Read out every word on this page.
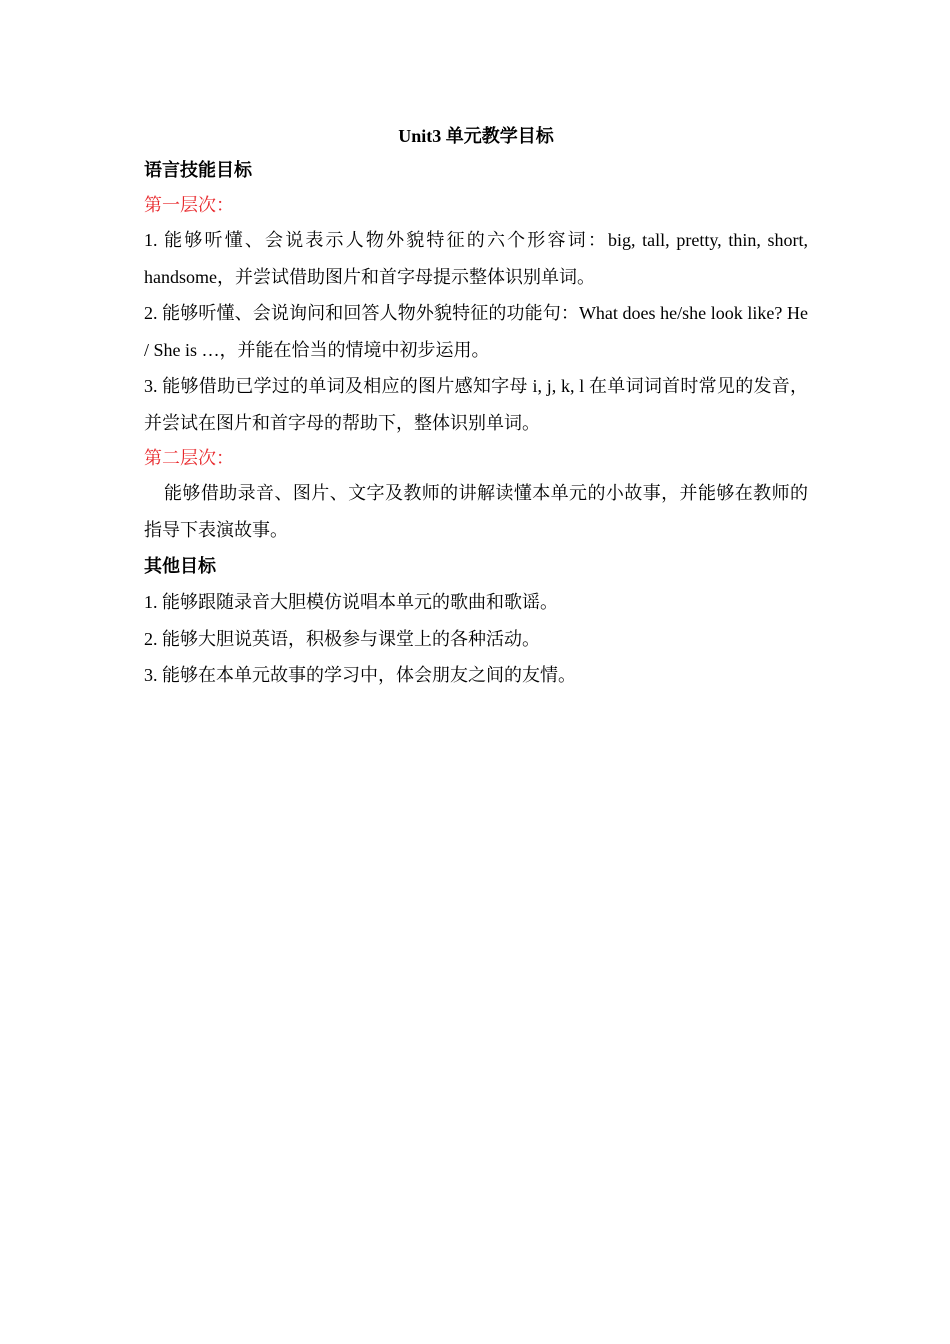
Unit3 单元教学目标

语言技能目标

第一层次：

1. 能够听懂、会说表示人物外貌特征的六个形容词：big, tall, pretty, thin, short, handsome，并尝试借助图片和首字母提示整体识别单词。

2. 能够听懂、会说询问和回答人物外貌特征的功能句：What does he/she look like? He / She is …，并能在恰当的情境中初步运用。

3. 能够借助已学过的单词及相应的图片感知字母 i, j, k, l 在单词词首时常见的发音，并尝试在图片和首字母的帮助下，整体识别单词。

第二层次：

能够借助录音、图片、文字及教师的讲解读懂本单元的小故事，并能够在教师的指导下表演故事。

其他目标

1. 能够跟随录音大胆模仿说唱本单元的歌曲和歌谣。

2. 能够大胆说英语，积极参与课堂上的各种活动。

3. 能够在本单元故事的学习中，体会朋友之间的友情。
